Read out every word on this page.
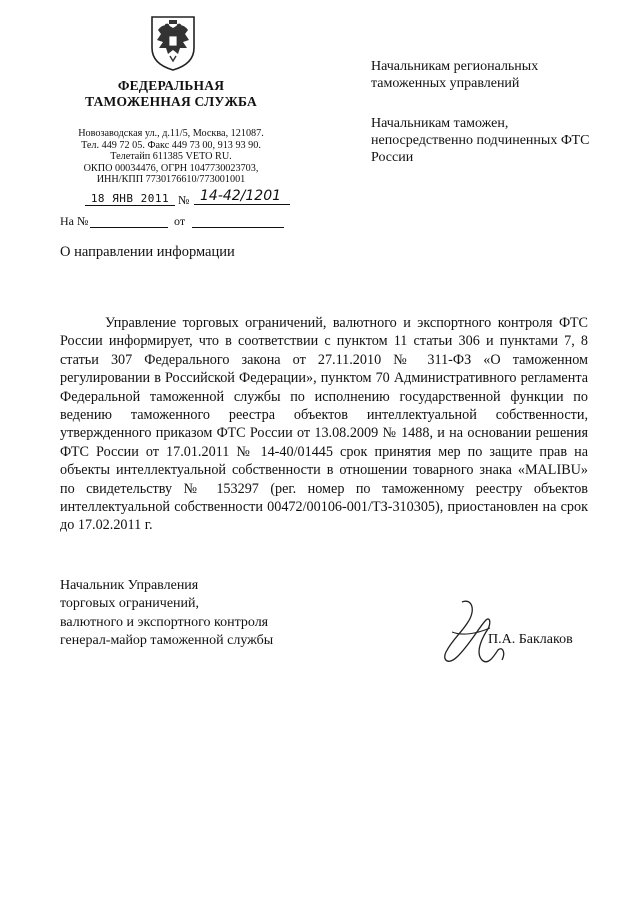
ФЕДЕРАЛЬНАЯ
ТАМОЖЕННАЯ СЛУЖБА
Новозаводская ул., д.11/5, Москва, 121087.
Тел. 449 72 05. Факс 449 73 00, 913 93 90.
Телетайп 611385 VETO RU.
ОКПО 00034476, ОГРН 1047730023703,
ИНН/КПП 7730176610/773001001
18 ЯНВ 2011 № 14-42/1201
На №	от

Начальникам региональных таможенных управлений

Начальникам таможен, непосредственно подчиненных ФТС России

О направлении информации

Управление торговых ограничений, валютного и экспортного контроля ФТС России информирует, что в соответствии с пунктом 11 статьи 306 и пунктами 7, 8 статьи 307 Федерального закона от 27.11.2010 № 311-ФЗ «О таможенном регулировании в Российской Федерации», пунктом 70 Административного регламента Федеральной таможенной службы по исполнению государственной функции по ведению таможенного реестра объектов интеллектуальной собственности, утвержденного приказом ФТС России от 13.08.2009 № 1488, и на основании решения ФТС России от 17.01.2011 № 14-40/01445 срок принятия мер по защите прав на объекты интеллектуальной собственности в отношении товарного знака «MALIBU» по свидетельству № 153297 (рег. номер по таможенному реестру объектов интеллектуальной собственности 00472/00106-001/ТЗ-310305), приостановлен на срок до 17.02.2011 г.

Начальник Управления
торговых ограничений,
валютного и экспортного контроля
генерал-майор таможенной службы	П.А. Баклаков
